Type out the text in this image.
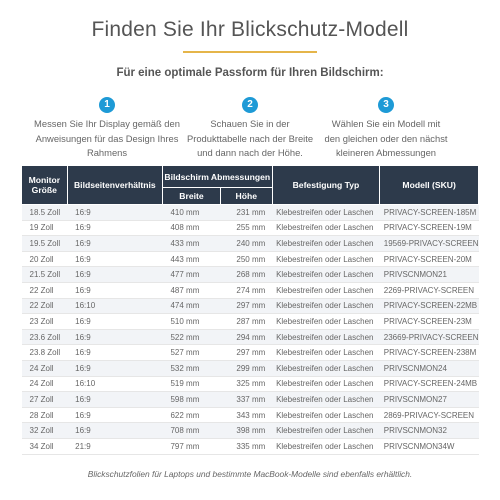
Finden Sie Ihr Blickschutz-Modell
Für eine optimale Passform für Ihren Bildschirm:
1
Messen Sie Ihr Display gemäß den
Anweisungen für das Design Ihres
Rahmens
2
Schauen Sie in der
Produkttabelle nach der Breite
und dann nach der Höhe.
3
Wählen Sie ein Modell mit
den gleichen oder den nächst
kleineren Abmessungen
Monitor Größe	Bildseitenverhältnis	Bildschirm Abmessungen		Befestigung Typ	Modell (SKU)
		Breite	Höhe		
18.5 Zoll	16:9	410 mm	231 mm	Klebestreifen oder Laschen	PRIVACY-SCREEN-185M
19 Zoll	16:9	408 mm	255 mm	Klebestreifen oder Laschen	PRIVACY-SCREEN-19M
19.5 Zoll	16:9	433 mm	240 mm	Klebestreifen oder Laschen	19569-PRIVACY-SCREEN
20 Zoll	16:9	443 mm	250 mm	Klebestreifen oder Laschen	PRIVACY-SCREEN-20M
21.5 Zoll	16:9	477 mm	268 mm	Klebestreifen oder Laschen	PRIVSCNMON21
22 Zoll	16:9	487 mm	274 mm	Klebestreifen oder Laschen	2269-PRIVACY-SCREEN
22 Zoll	16:10	474 mm	297 mm	Klebestreifen oder Laschen	PRIVACY-SCREEN-22MB
23 Zoll	16:9	510 mm	287 mm	Klebestreifen oder Laschen	PRIVACY-SCREEN-23M
23.6 Zoll	16:9	522 mm	294 mm	Klebestreifen oder Laschen	23669-PRIVACY-SCREEN
23.8 Zoll	16:9	527 mm	297 mm	Klebestreifen oder Laschen	PRIVACY-SCREEN-238M
24 Zoll	16:9	532 mm	299 mm	Klebestreifen oder Laschen	PRIVSCNMON24
24 Zoll	16:10	519 mm	325 mm	Klebestreifen oder Laschen	PRIVACY-SCREEN-24MB
27 Zoll	16:9	598 mm	337 mm	Klebestreifen oder Laschen	PRIVSCNMON27
28 Zoll	16:9	622 mm	343 mm	Klebestreifen oder Laschen	2869-PRIVACY-SCREEN
32 Zoll	16:9	708 mm	398 mm	Klebestreifen oder Laschen	PRIVSCNMON32
34 Zoll	21:9	797 mm	335 mm	Klebestreifen oder Laschen	PRIVSCNMON34W
Blickschutzfolien für Laptops und bestimmte MacBook-Modelle sind ebenfalls erhältlich.
